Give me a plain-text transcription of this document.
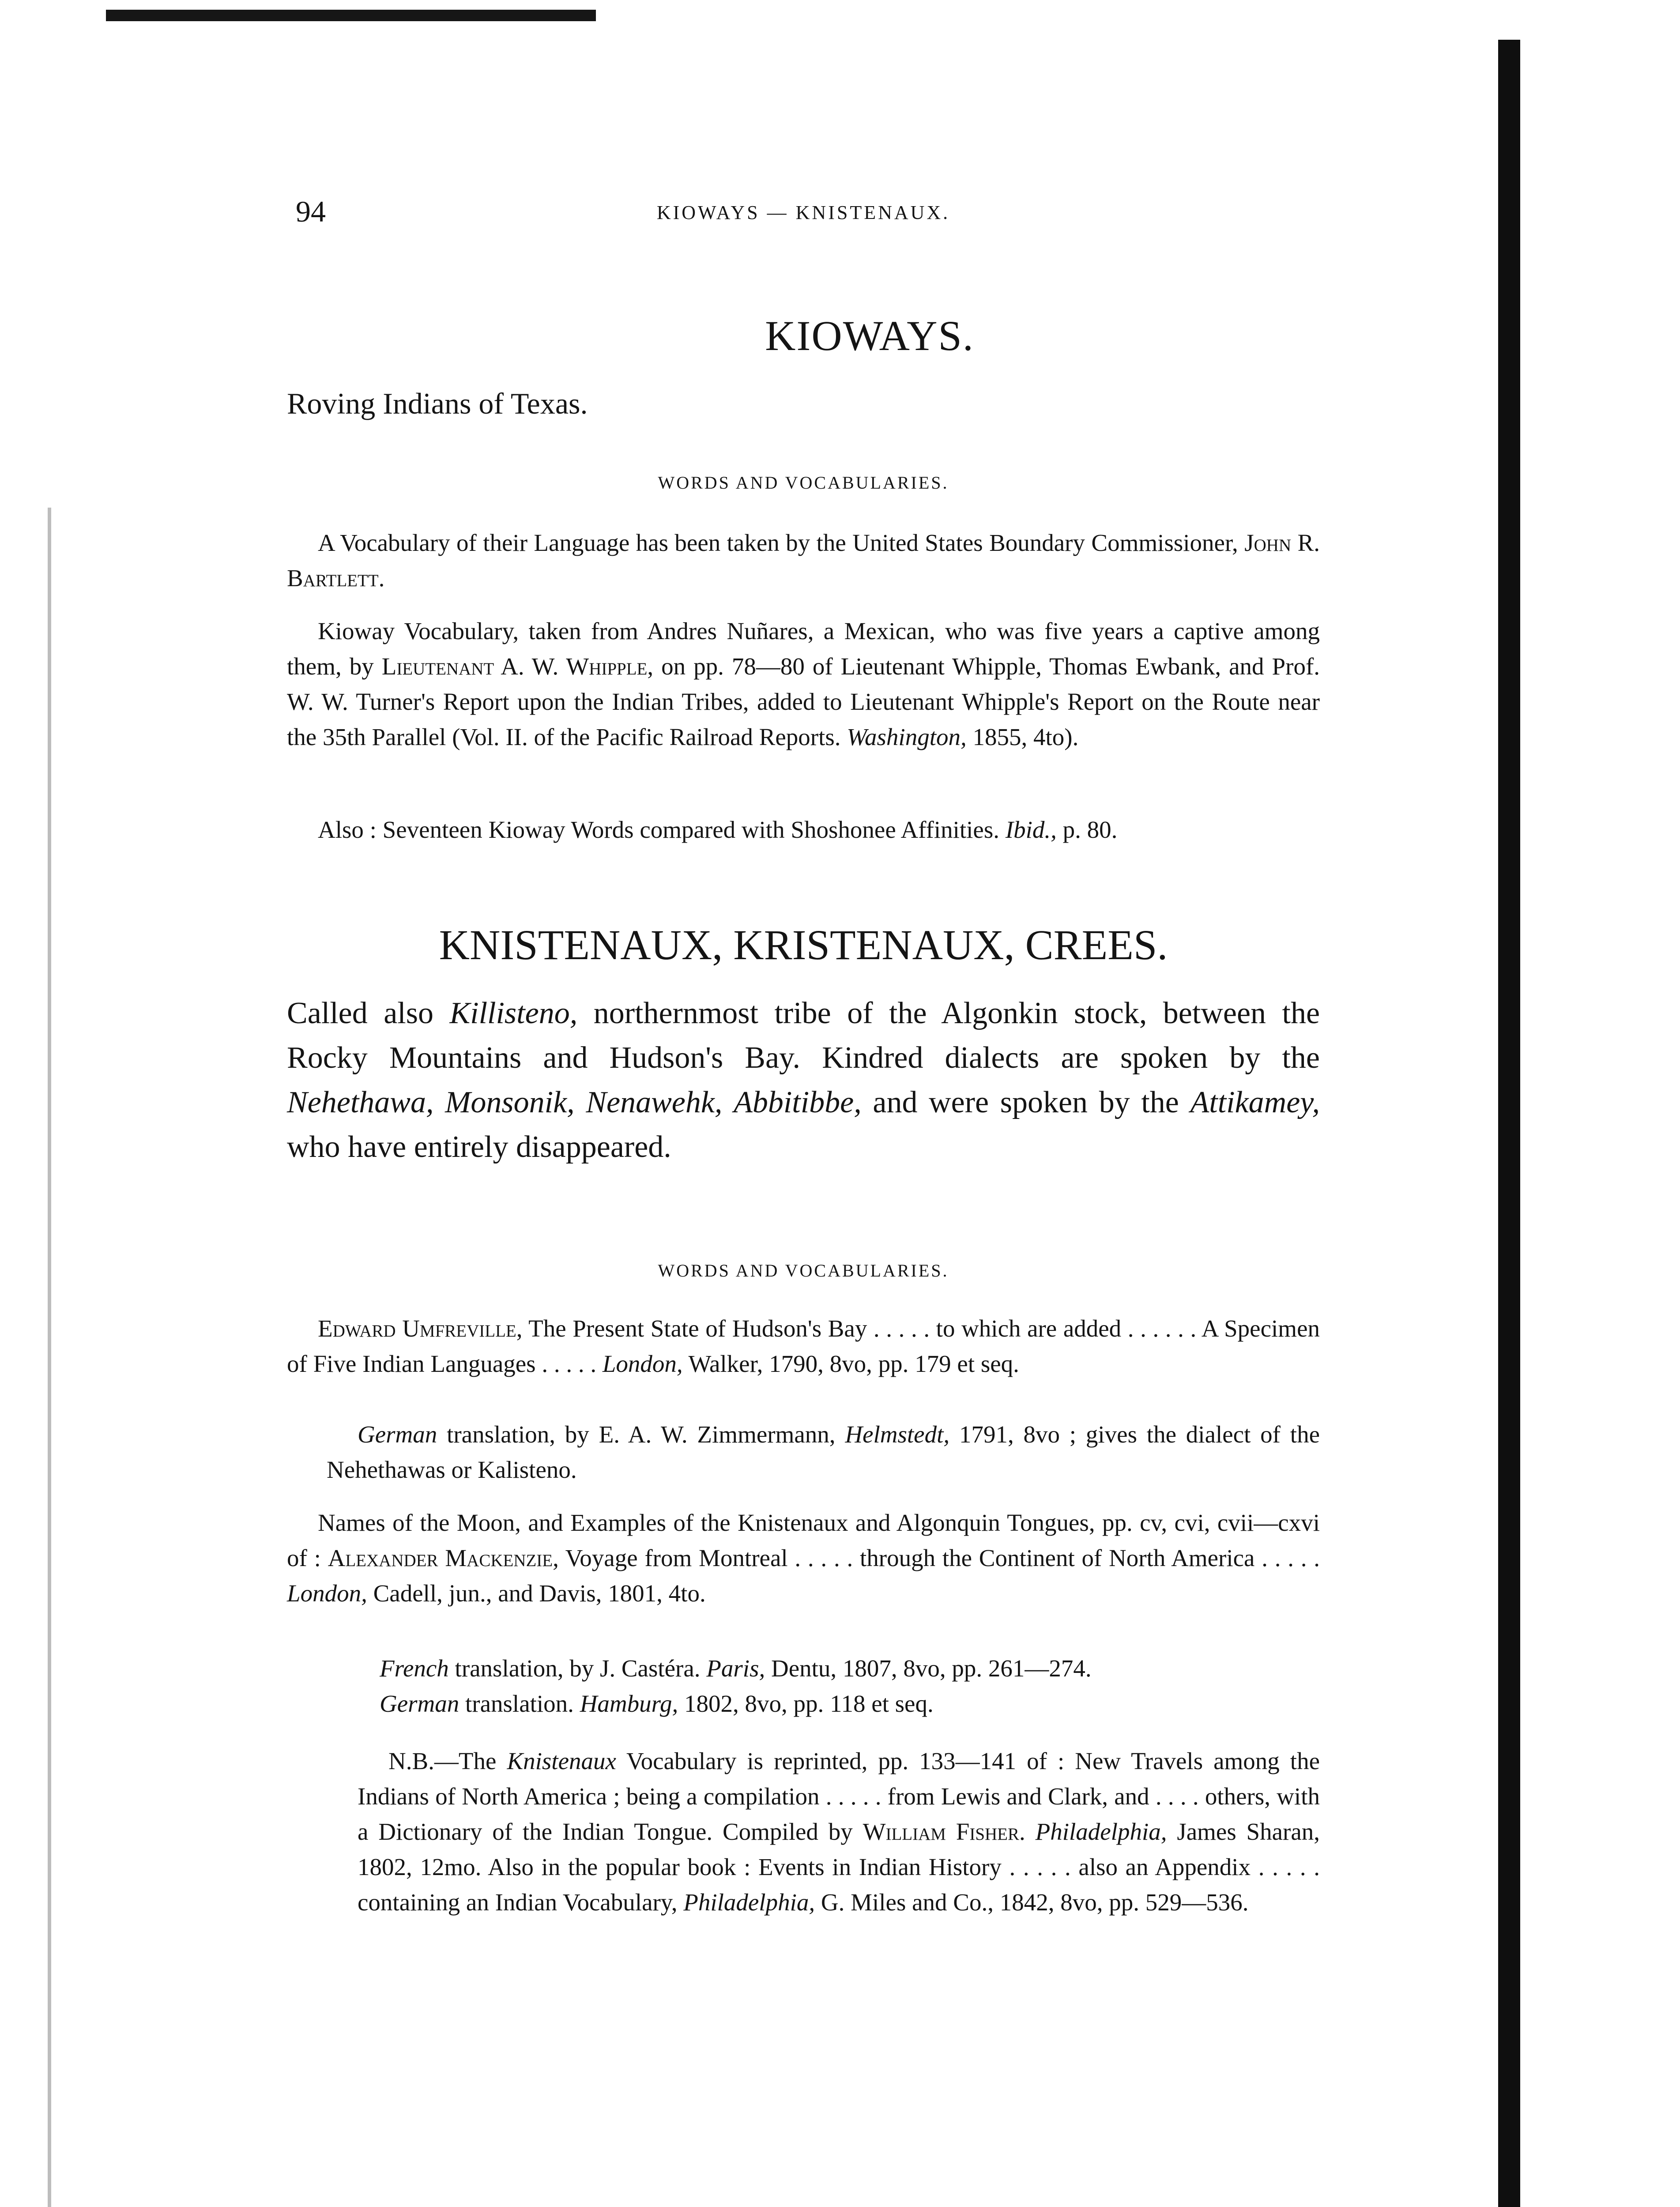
94	KIOWAYS — KNISTENAUX.
KIOWAYS.
Roving Indians of Texas.
WORDS AND VOCABULARIES.

A Vocabulary of their Language has been taken by the United States Boundary Commissioner, John R. Bartlett.

Kioway Vocabulary, taken from Andres Nuñares, a Mexican, who was five years a captive among them, by Lieutenant A. W. Whipple, on pp. 78—80 of Lieutenant Whipple, Thomas Ewbank, and Prof. W. W. Turner's Report upon the Indian Tribes, added to Lieutenant Whipple's Report on the Route near the 35th Parallel (Vol. II. of the Pacific Railroad Reports. Washington, 1855, 4to).

Also : Seventeen Kioway Words compared with Shoshonee Affinities. Ibid., p. 80.

KNISTENAUX, KRISTENAUX, CREES.

Called also Killisteno, northernmost tribe of the Algonkin stock, between the Rocky Mountains and Hudson's Bay. Kindred dialects are spoken by the Nehethawa, Monsonik, Nenawehk, Abbitibbe, and were spoken by the Attikamey, who have entirely disappeared.

WORDS AND VOCABULARIES.

Edward Umfreville, The Present State of Hudson's Bay . . . . . to which are added . . . . . . A Specimen of Five Indian Languages . . . . . London, Walker, 1790, 8vo, pp. 179 et seq.

German translation, by E. A. W. Zimmermann, Helmstedt, 1791, 8vo ; gives the dialect of the Nehethawas or Kalisteno.

Names of the Moon, and Examples of the Knistenaux and Algonquin Tongues, pp. cv, cvi, cvii—cxvi of : Alexander Mackenzie, Voyage from Montreal . . . . . through the Continent of North America . . . . . London, Cadell, jun., and Davis, 1801, 4to.

French translation, by J. Castéra. Paris, Dentu, 1807, 8vo, pp. 261—274.

German translation. Hamburg, 1802, 8vo, pp. 118 et seq.

N.B.—The Knistenaux Vocabulary is reprinted, pp. 133—141 of : New Travels among the Indians of North America ; being a compilation . . . . . from Lewis and Clark, and . . . . others, with a Dictionary of the Indian Tongue. Compiled by William Fisher. Philadelphia, James Sharan, 1802, 12mo. Also in the popular book : Events in Indian History . . . . . also an Appendix . . . . . containing an Indian Vocabulary, Philadelphia, G. Miles and Co., 1842, 8vo, pp. 529—536.
